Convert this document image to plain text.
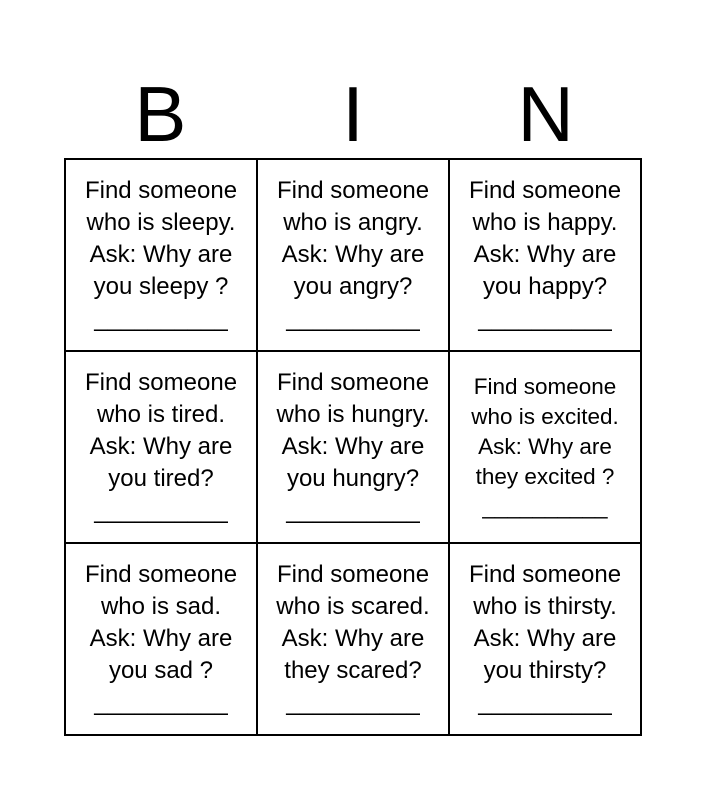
B	I	N
Find someone
who is sleepy.
Ask: Why are
you sleepy ?
__________
Find someone
who is angry.
Ask: Why are
you angry?
__________
Find someone
who is happy.
Ask: Why are
you happy?
__________
Find someone
who is tired.
Ask: Why are
you tired?
__________
Find someone
who is hungry.
Ask: Why are
you hungry?
__________
Find someone
who is excited.
Ask: Why are
they excited ?
__________
Find someone
who is sad.
Ask: Why are
you sad ?
__________
Find someone
who is scared.
Ask: Why are
they scared?
__________
Find someone
who is thirsty.
Ask: Why are
you thirsty?
__________
